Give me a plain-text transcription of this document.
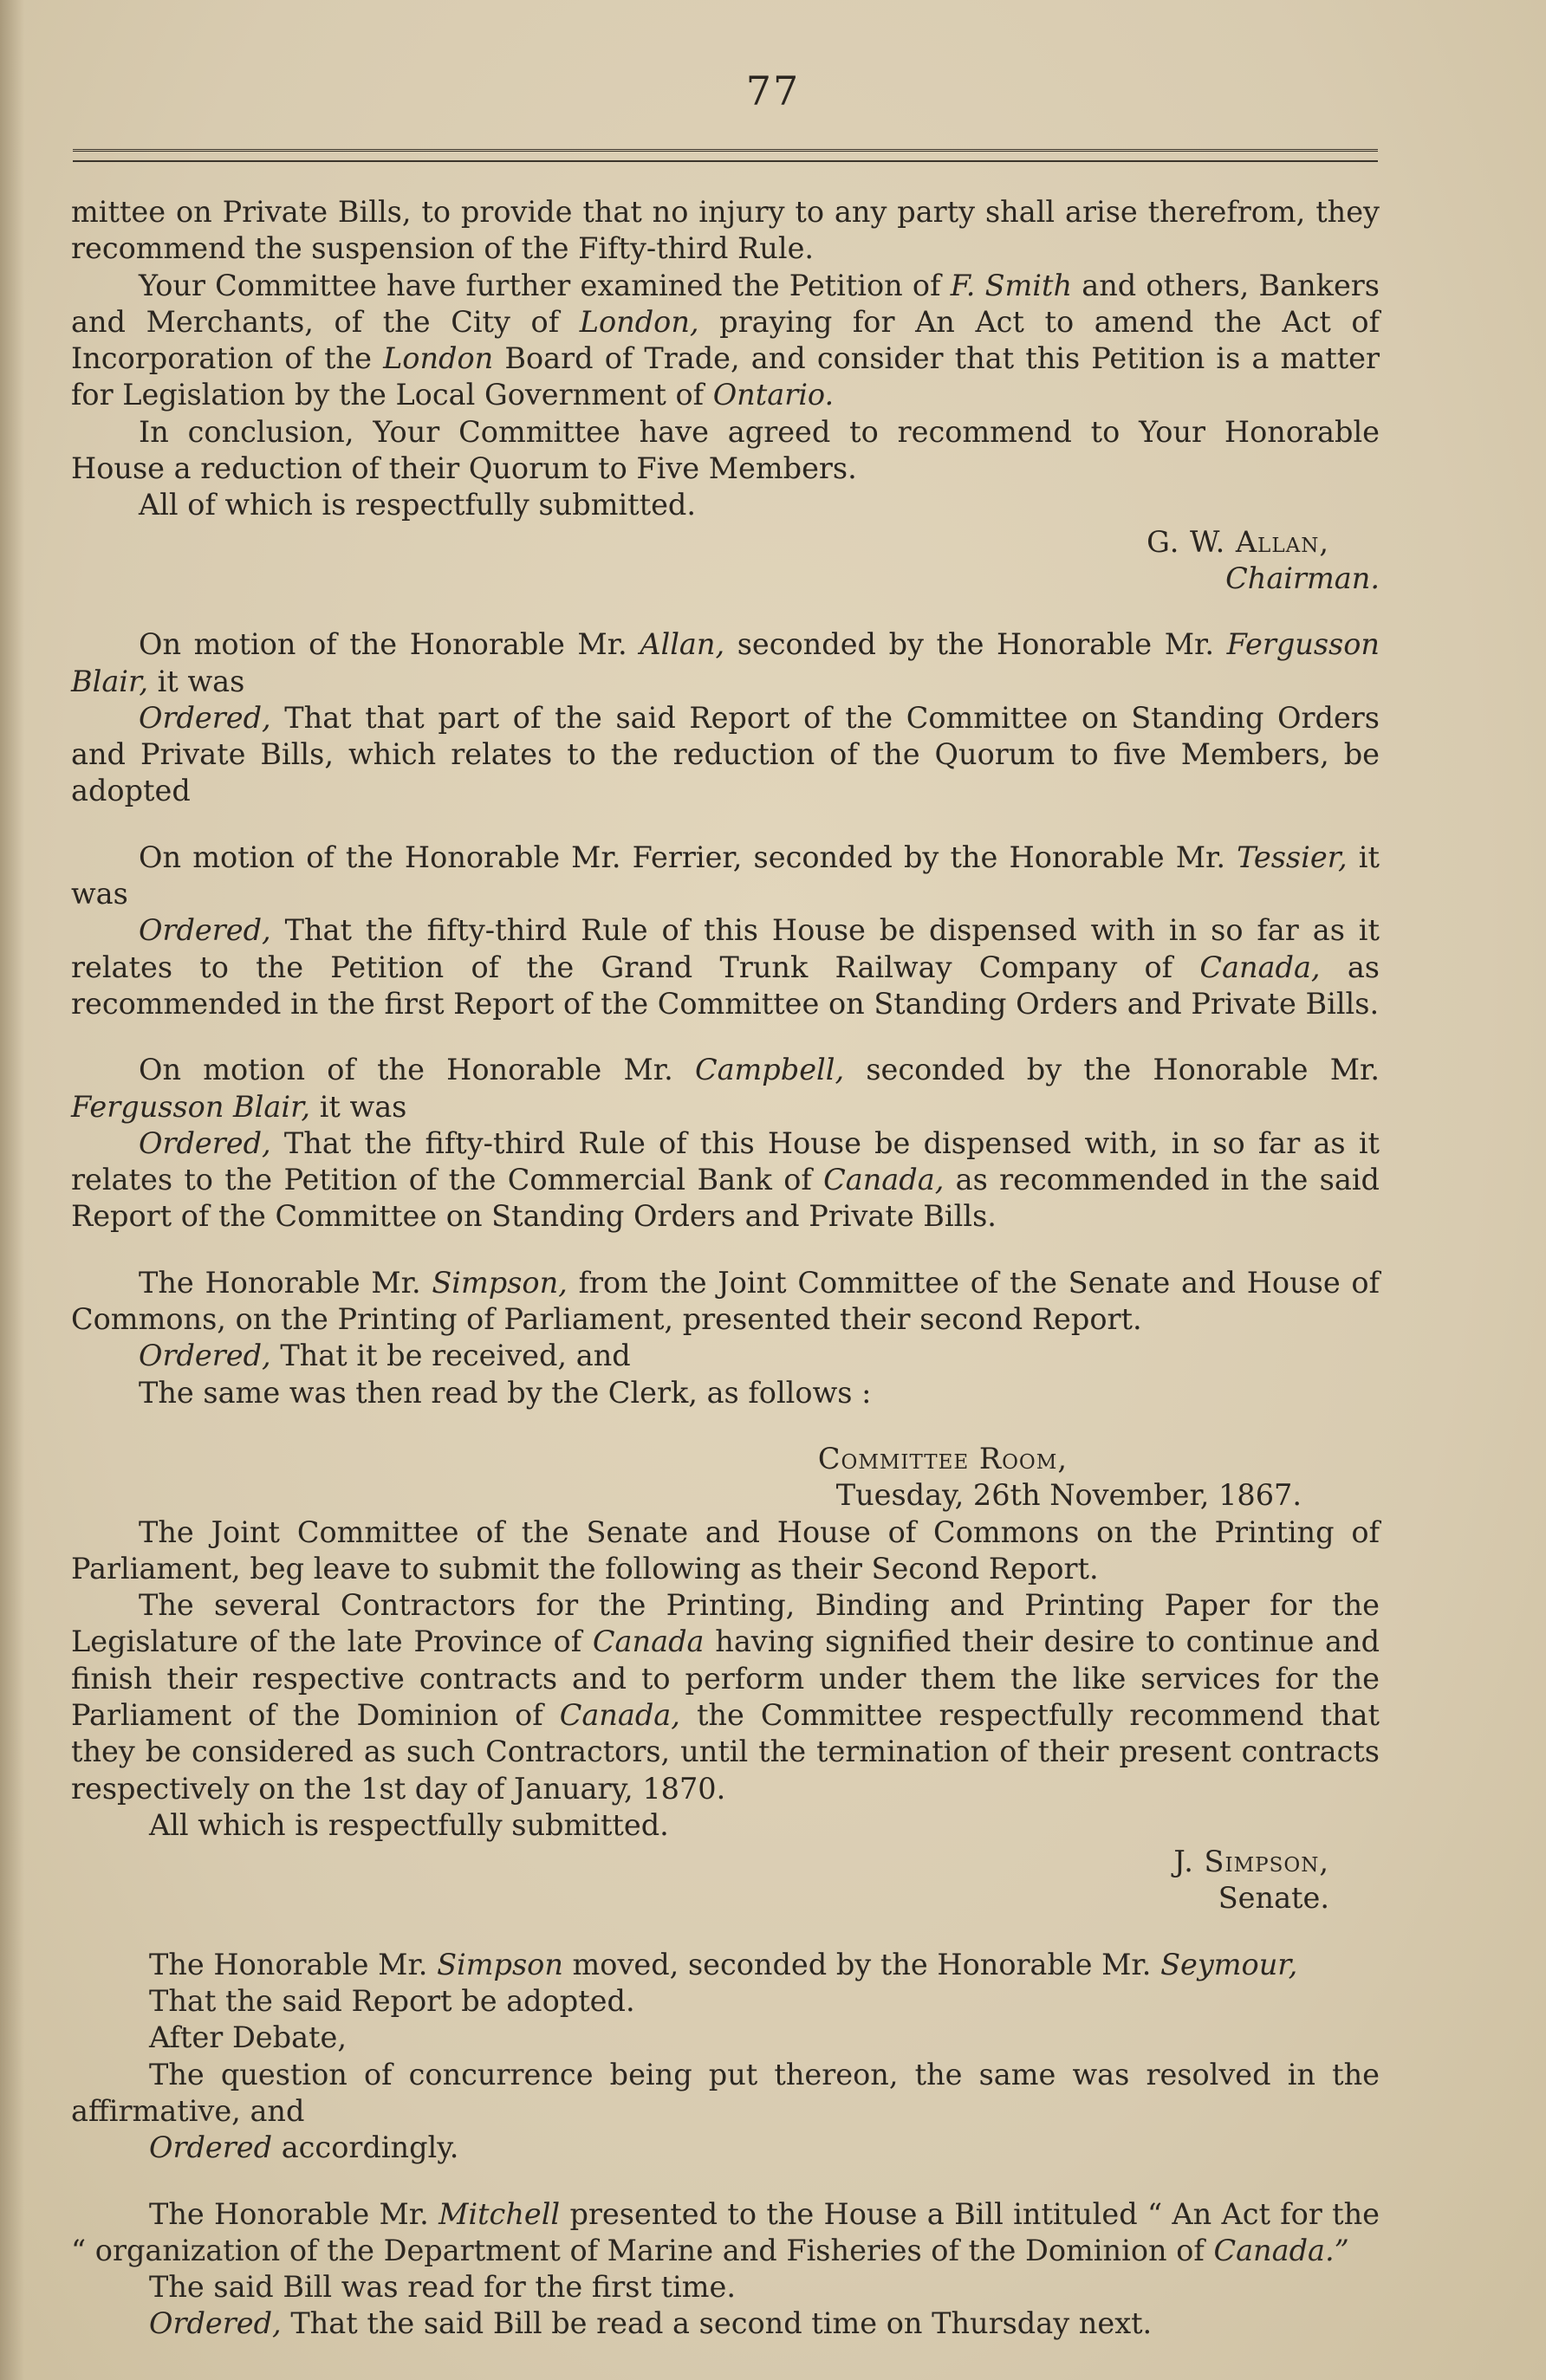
77

mittee on Private Bills, to provide that no injury to any party shall arise therefrom, they recommend the suspension of the Fifty-third Rule.

Your Committee have further examined the Petition of F. Smith and others, Bankers and Merchants, of the City of London, praying for An Act to amend the Act of Incorporation of the London Board of Trade, and consider that this Petition is a matter for Legislation by the Local Government of Ontario.

In conclusion, Your Committee have agreed to recommend to Your Honorable House a reduction of their Quorum to Five Members.

All of which is respectfully submitted.

G. W. Allan,

Chairman.

On motion of the Honorable Mr. Allan, seconded by the Honorable Mr. Fergusson Blair, it was

Ordered, That that part of the said Report of the Committee on Standing Orders and Private Bills, which relates to the reduction of the Quorum to five Members, be adopted

On motion of the Honorable Mr. Ferrier, seconded by the Honorable Mr. Tessier, it was

Ordered, That the fifty-third Rule of this House be dispensed with in so far as it relates to the Petition of the Grand Trunk Railway Company of Canada, as recommended in the first Report of the Committee on Standing Orders and Private Bills.

On motion of the Honorable Mr. Campbell, seconded by the Honorable Mr. Fergusson Blair, it was

Ordered, That the fifty-third Rule of this House be dispensed with, in so far as it relates to the Petition of the Commercial Bank of Canada, as recommended in the said Report of the Committee on Standing Orders and Private Bills.

The Honorable Mr. Simpson, from the Joint Committee of the Senate and House of Commons, on the Printing of Parliament, presented their second Report.

Ordered, That it be received, and

The same was then read by the Clerk, as follows :

Committee Room,

Tuesday, 26th November, 1867.

The Joint Committee of the Senate and House of Commons on the Printing of Parliament, beg leave to submit the following as their Second Report.

The several Contractors for the Printing, Binding and Printing Paper for the Legislature of the late Province of Canada having signified their desire to continue and finish their respective contracts and to perform under them the like services for the Parliament of the Dominion of Canada, the Committee respectfully recommend that they be considered as such Contractors, until the termination of their present contracts respectively on the 1st day of January, 1870.

All which is respectfully submitted.

J. Simpson,

Senate.

The Honorable Mr. Simpson moved, seconded by the Honorable Mr. Seymour,

That the said Report be adopted.

After Debate,

The question of concurrence being put thereon, the same was resolved in the affirmative, and

Ordered accordingly.

The Honorable Mr. Mitchell presented to the House a Bill intituled “ An Act for the “ organization of the Department of Marine and Fisheries of the Dominion of Canada.”

The said Bill was read for the first time.

Ordered, That the said Bill be read a second time on Thursday next.
